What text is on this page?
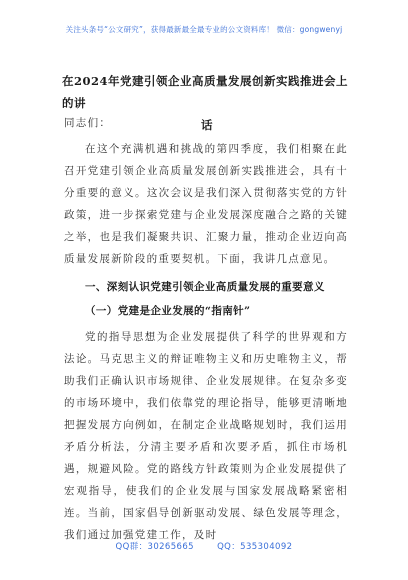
关注头条号“公文研究”，获得最新最全最专业的公文资料库！ 微信：gongwenyj
在2024年党建引领企业高质量发展创新实践推进会上的讲
话

同志们：

在这个充满机遇和挑战的第四季度，我们相聚在此召开党建引领企业高质量发展创新实践推进会，具有十分重要的意义。这次会议是我们深入贯彻落实党的方针政策，进一步探索党建与企业发展深度融合之路的关键之举，也是我们凝聚共识、汇聚力量，推动企业迈向高质量发展新阶段的重要契机。下面，我讲几点意见。

一、深刻认识党建引领企业高质量发展的重要意义

（一）党建是企业发展的“指南针”

党的指导思想为企业发展提供了科学的世界观和方法论。马克思主义的辩证唯物主义和历史唯物主义，帮助我们正确认识市场规律、企业发展规律。在复杂多变的市场环境中，我们依靠党的理论指导，能够更清晰地把握发展方向例如，在制定企业战略规划时，我们运用矛盾分析法，分清主要矛盾和次要矛盾，抓住市场机遇，规避风险。党的路线方针政策则为企业发展提供了宏观指导，使我们的企业发展与国家发展战略紧密相连。当前，国家倡导创新驱动发展、绿色发展等理念，我们通过加强党建工作，及时

QQ群：30265665	QQ：535304092
